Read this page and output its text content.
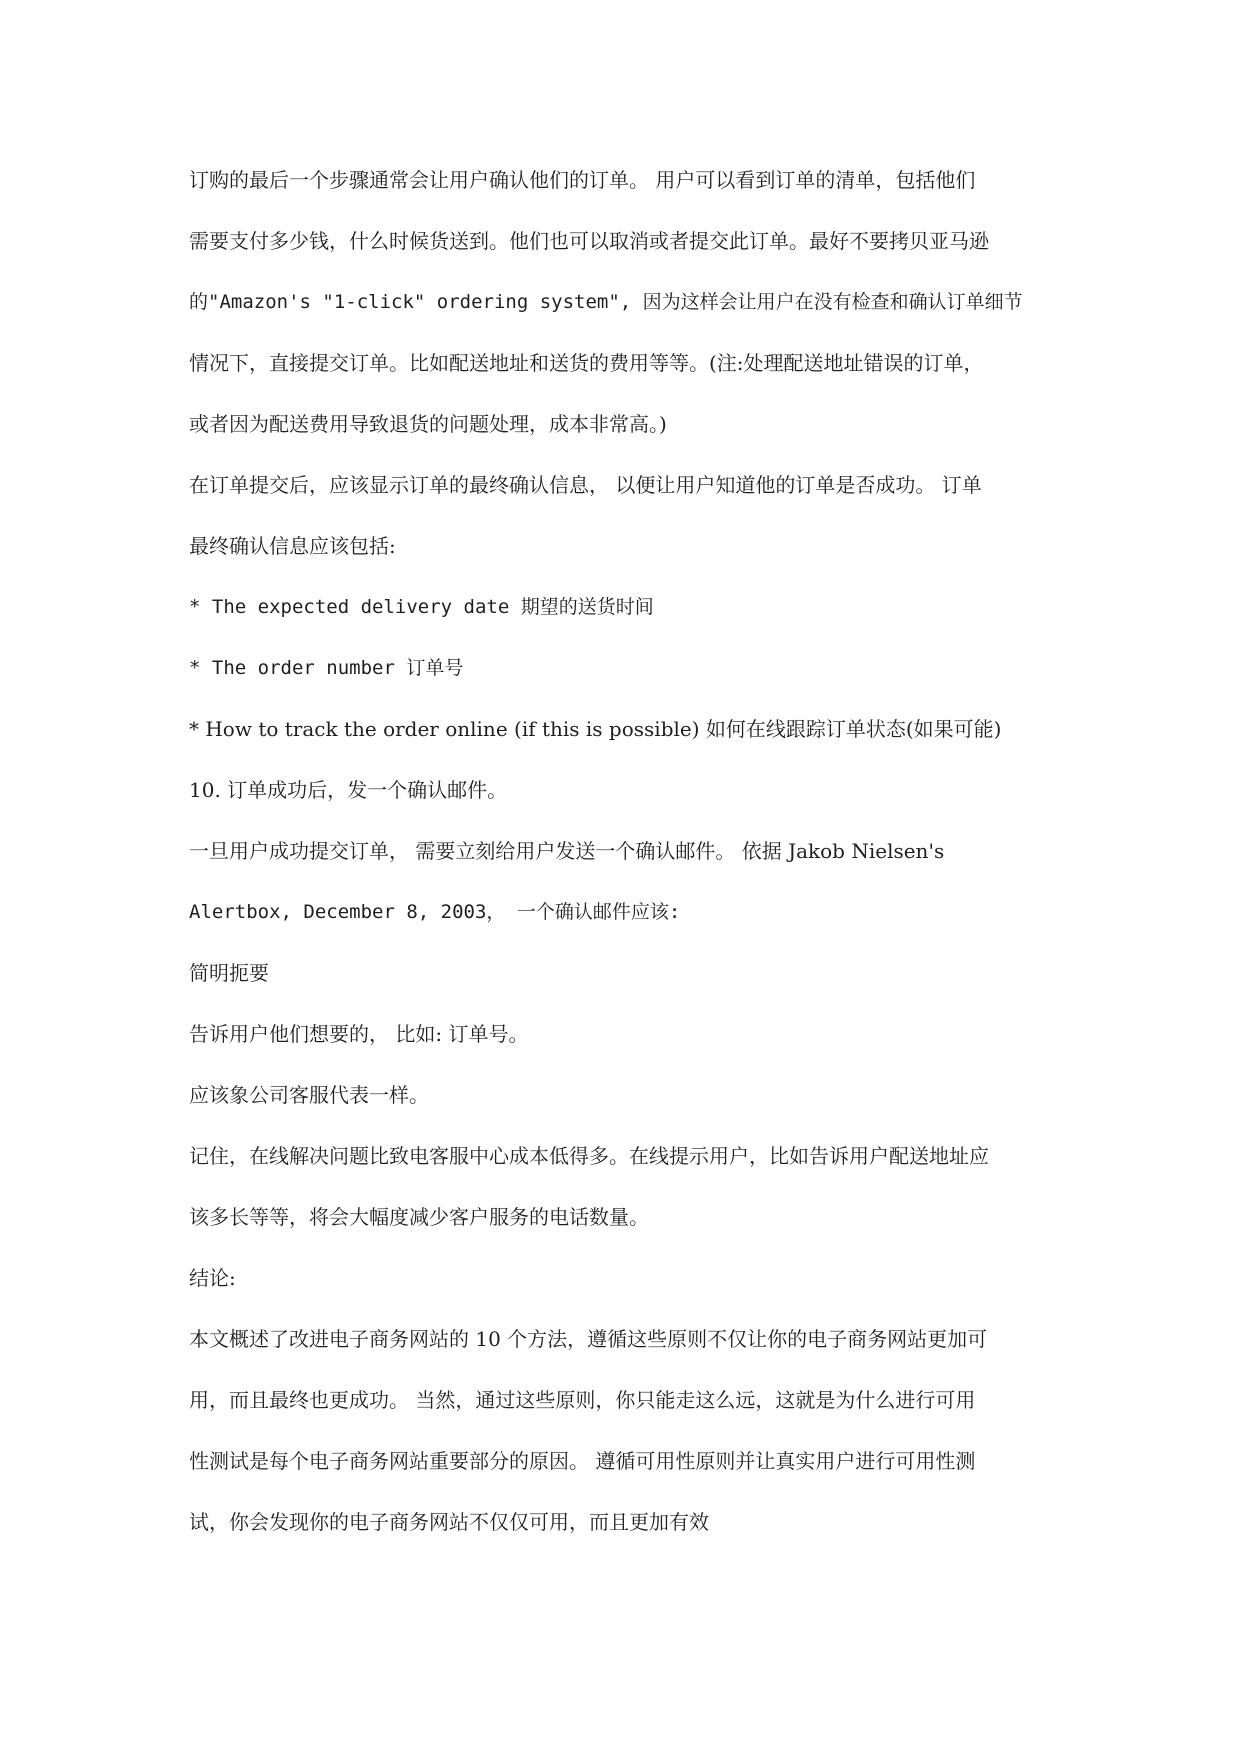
订购的最后一个步骤通常会让用户确认他们的订单。 用户可以看到订单的清单，包括他们
需要支付多少钱，什么时候货送到。他们也可以取消或者提交此订单。最好不要拷贝亚马逊
的"Amazon's "1-click" ordering system", 因为这样会让用户在没有检查和确认订单细节
情况下，直接提交订单。比如配送地址和送货的费用等等。(注:处理配送地址错误的订单，
或者因为配送费用导致退货的问题处理，成本非常高。)
在订单提交后，应该显示订单的最终确认信息， 以便让用户知道他的订单是否成功。 订单
最终确认信息应该包括:
* The expected delivery date 期望的送货时间
* The order number 订单号
* How to track the order online (if this is possible) 如何在线跟踪订单状态(如果可能)
10. 订单成功后，发一个确认邮件。
一旦用户成功提交订单， 需要立刻给用户发送一个确认邮件。 依据 Jakob Nielsen's
Alertbox, December 8, 2003， 一个确认邮件应该:
简明扼要
告诉用户他们想要的， 比如: 订单号。
应该象公司客服代表一样。
记住，在线解决问题比致电客服中心成本低得多。在线提示用户，比如告诉用户配送地址应
该多长等等，将会大幅度减少客户服务的电话数量。
结论:
本文概述了改进电子商务网站的 10 个方法，遵循这些原则不仅让你的电子商务网站更加可
用，而且最终也更成功。 当然，通过这些原则，你只能走这么远，这就是为什么进行可用
性测试是每个电子商务网站重要部分的原因。 遵循可用性原则并让真实用户进行可用性测
试，你会发现你的电子商务网站不仅仅可用，而且更加有效
